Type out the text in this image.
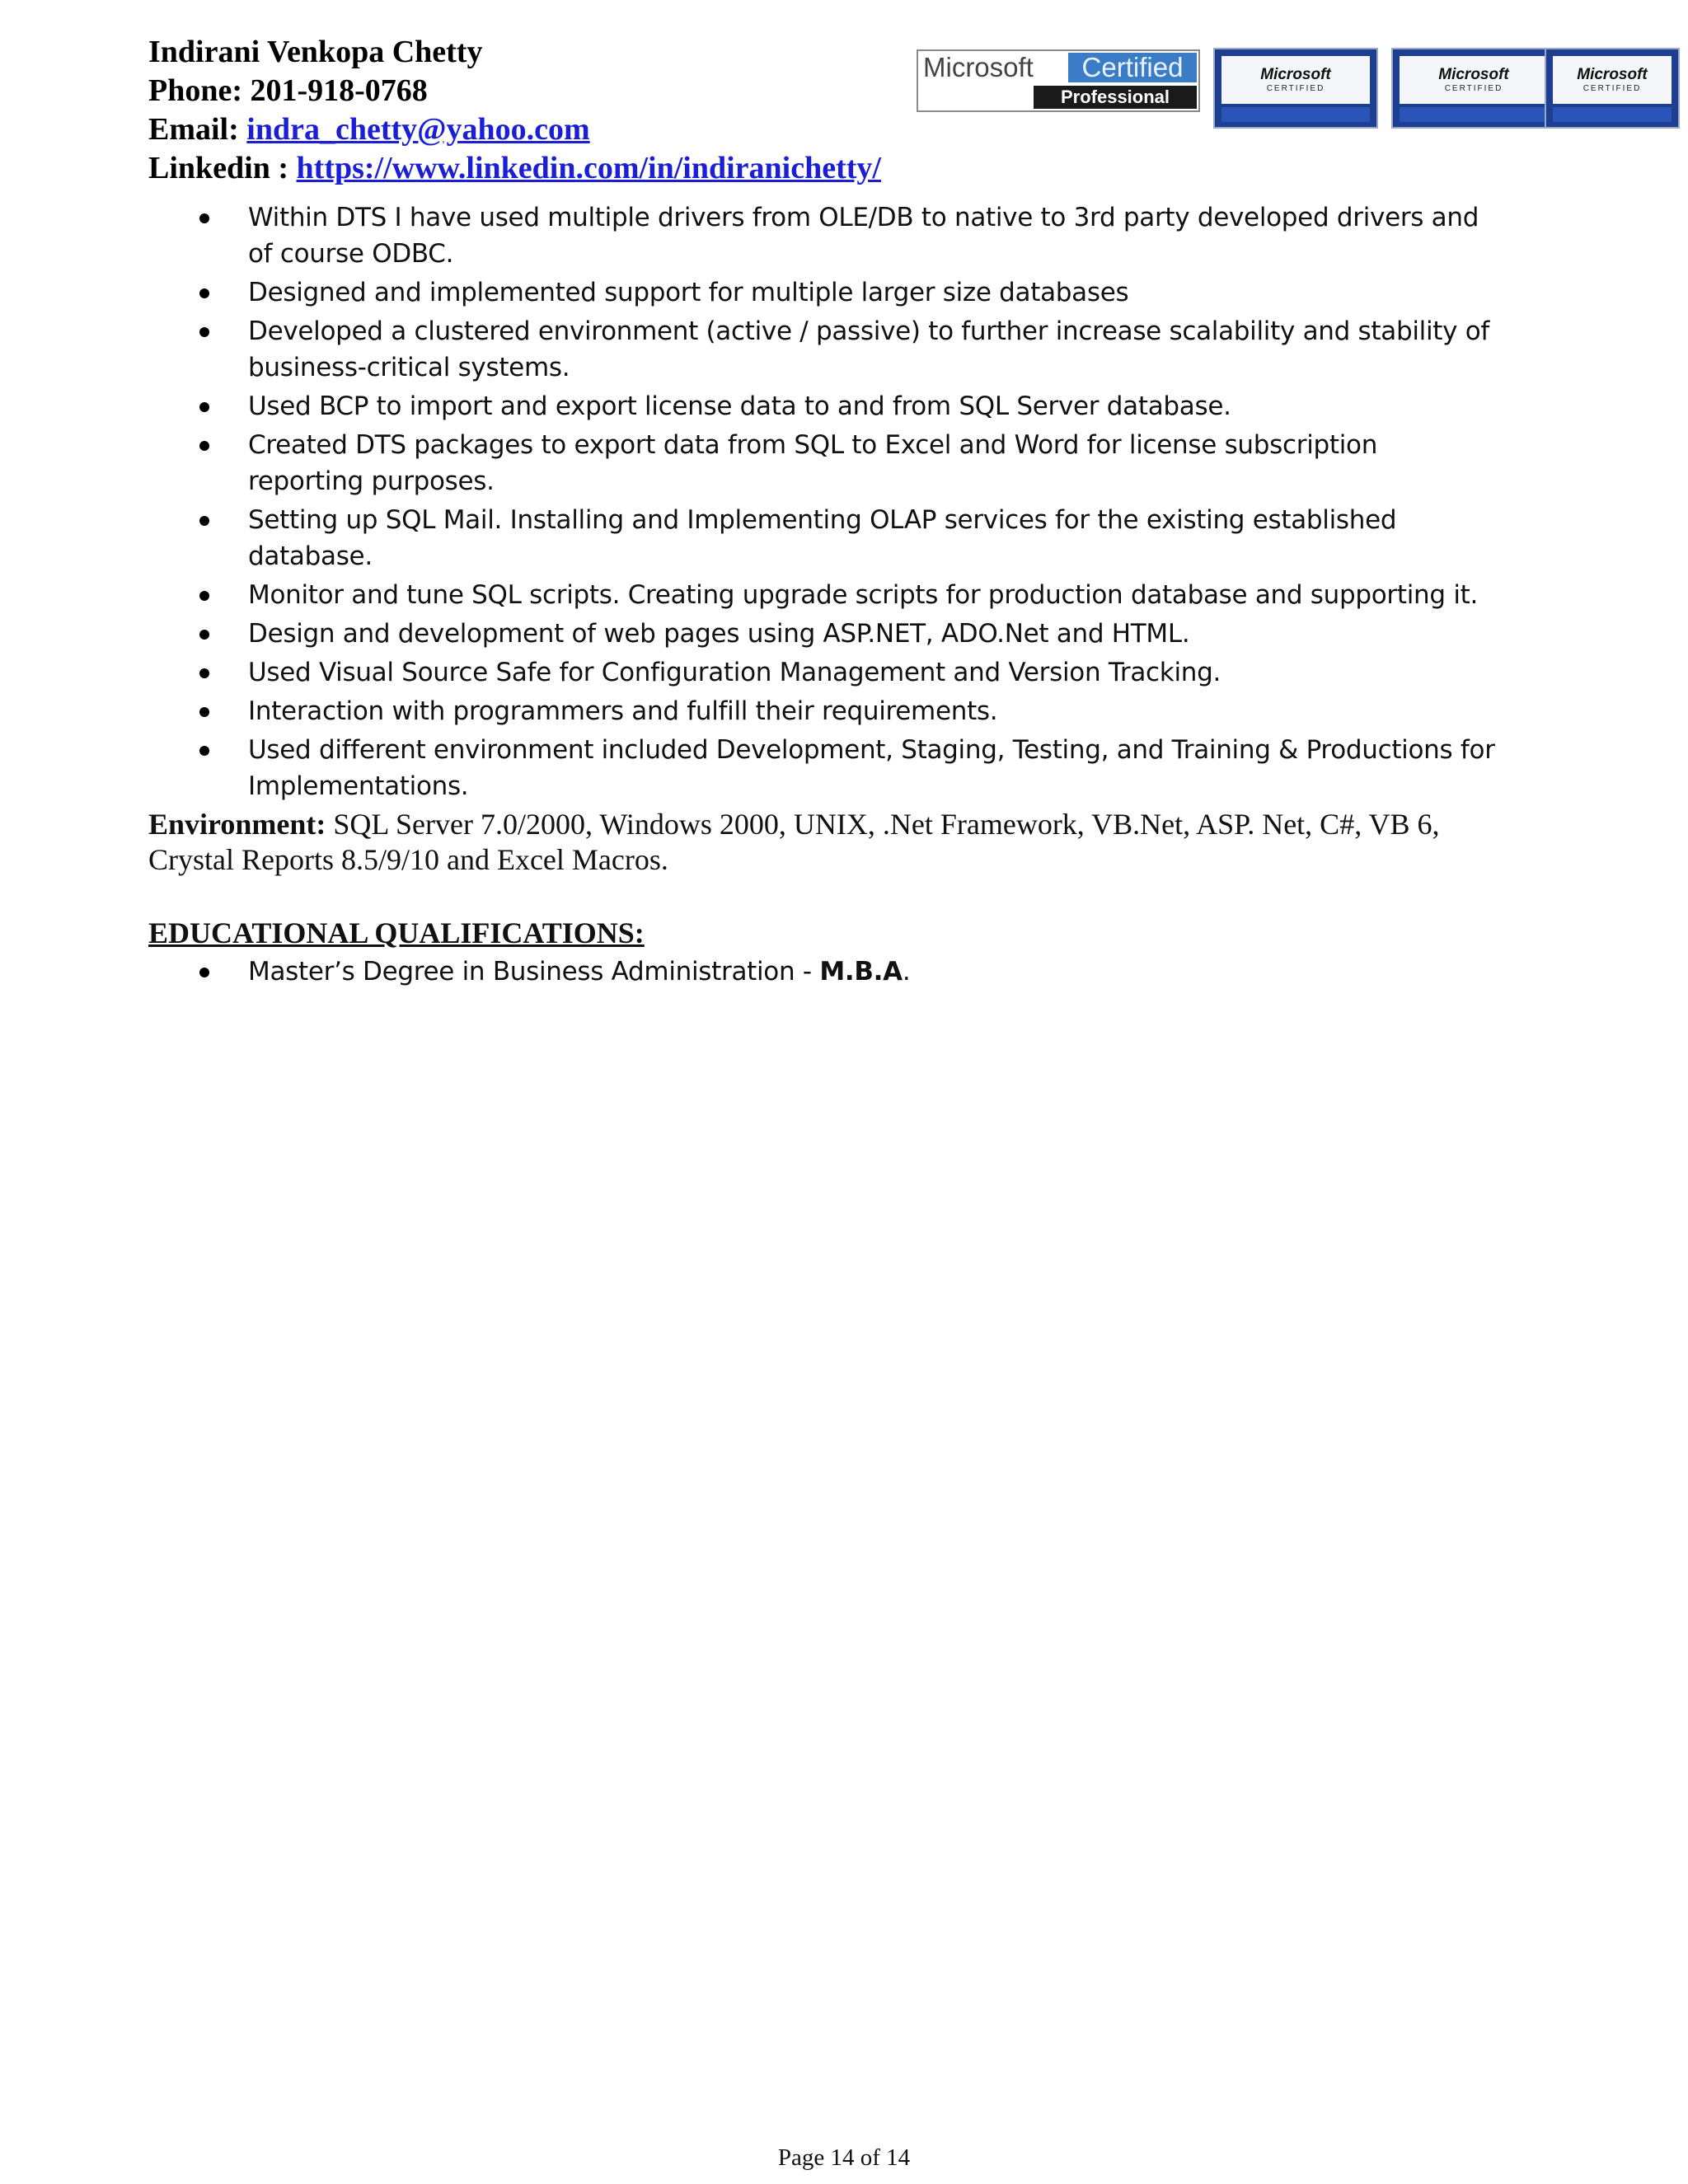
Indirani Venkopa Chetty
Phone: 201-918-0768
Email: indra_chetty@yahoo.com
Linkedin : https://www.linkedin.com/in/indiranichetty/
Microsoft	Certified
Professional
Microsoft
CERTIFIED
Microsoft
CERTIFIED
Microsoft
CERTIFIED
Within DTS I have used multiple drivers from OLE/DB to native to 3rd party developed drivers and of course ODBC.
Designed and implemented support for multiple larger size databases
Developed a clustered environment (active / passive) to further increase scalability and stability of business-critical systems.
Used BCP to import and export license data to and from SQL Server database.
Created DTS packages to export data from SQL to Excel and Word for license subscription reporting purposes.
Setting up SQL Mail. Installing and Implementing OLAP services for the existing established database.
Monitor and tune SQL scripts. Creating upgrade scripts for production database and supporting it.
Design and development of web pages using ASP.NET, ADO.Net and HTML.
Used Visual Source Safe for Configuration Management and Version Tracking.
Interaction with programmers and fulfill their requirements.
Used different environment included Development, Staging, Testing, and Training & Productions for Implementations.
Environment: SQL Server 7.0/2000, Windows 2000, UNIX, .Net Framework, VB.Net, ASP. Net, C#, VB 6, Crystal Reports 8.5/9/10 and Excel Macros.
EDUCATIONAL QUALIFICATIONS:
Master’s Degree in Business Administration - M.B.A.
Page 14 of 14
